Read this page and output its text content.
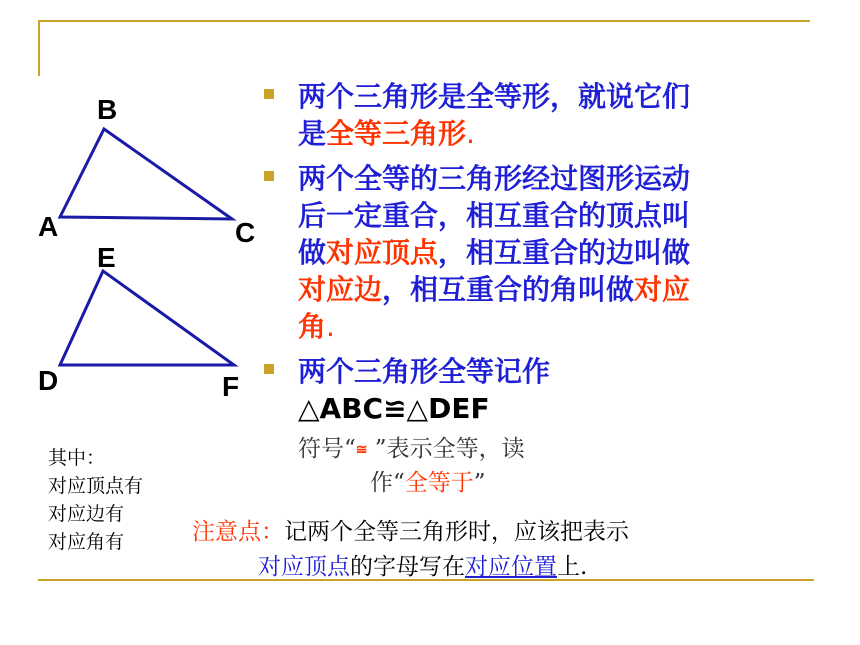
B
A	C
E
D	F
两个三角形是全等形，就说它们
是全等三角形.
两个全等的三角形经过图形运动
后一定重合，相互重合的顶点叫
做对应顶点，相互重合的边叫做
对应边，相互重合的角叫做对应
角.
两个三角形全等记作
△ABC≌△DEF
符号“≅ ”表示全等，读
作“全等于”
其中：
对应顶点有
对应边有
对应角有	注意点：记两个全等三角形时，应该把表示
对应顶点的字母写在对应位置上.
